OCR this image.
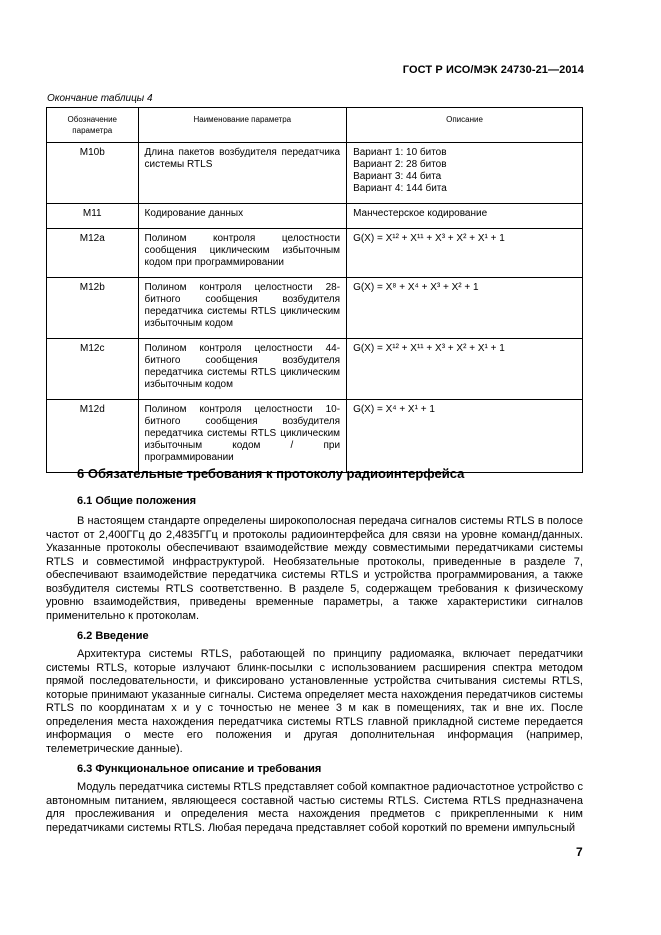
ГОСТ Р ИСО/МЭК 24730-21—2014
Окончание таблицы 4
Обозначение параметра	Наименование параметра	Описание
M10b	Длина пакетов возбудителя передатчика системы RTLS	Вариант 1: 10 битов
Вариант 2: 28 битов
Вариант 3: 44 бита
Вариант 4: 144 бита

M11	Кодирование данных	Манчестерское кодирование
M12a	Полином контроля целостности сообщения циклическим избыточным кодом при программировании	G(X) = X¹² + X¹¹ + X³ + X² + X¹ + 1
M12b	Полином контроля целостности 28-битного сообщения возбудителя передатчика системы RTLS циклическим избыточным кодом	G(X) = X⁸ + X⁴ + X³ + X² + 1
M12c	Полином контроля целостности 44-битного сообщения возбудителя передатчика системы RTLS циклическим избыточным кодом	G(X) = X¹² + X¹¹ + X³ + X² + X¹ + 1
M12d	Полином контроля целостности 10-битного сообщения возбудителя передатчика системы RTLS циклическим избыточным кодом / при программировании	G(X) = X⁴ + X¹ + 1
6 Обязательные требования к протоколу радиоинтерфейса
6.1 Общие положения

В настоящем стандарте определены широкополосная передача сигналов системы RTLS в полосе частот от 2,400ГГц до 2,4835ГГц и протоколы радиоинтерфейса для связи на уровне команд/данных. Указанные протоколы обеспечивают взаимодействие между совместимыми передатчиками системы RTLS и совместимой инфраструктурой. Необязательные протоколы, приведенные в разделе 7, обеспечивают взаимодействие передатчика системы RTLS и устройства программирования, а также возбудителя системы RTLS соответственно. В разделе 5, содержащем требования к физическому уровню взаимодействия, приведены временные параметры, а также характеристики сигналов применительно к протоколам.

6.2 Введение

Архитектура системы RTLS, работающей по принципу радиомаяка, включает передатчики системы RTLS, которые излучают блинк-посылки с использованием расширения спектра методом прямой последовательности, и фиксировано установленные устройства считывания системы RTLS, которые принимают указанные сигналы. Система определяет места нахождения передатчиков системы RTLS по координатам x и y с точностью не менее 3 м как в помещениях, так и вне их. После определения места нахождения передатчика системы RTLS главной прикладной системе передается информация о месте его положения и другая дополнительная информация (например, телеметрические данные).

6.3 Функциональное описание и требования

Модуль передатчика системы RTLS представляет собой компактное радиочастотное устройство с автономным питанием, являющееся составной частью системы RTLS. Система RTLS предназначена для прослеживания и определения места нахождения предметов с прикрепленными к ним передатчиками системы RTLS. Любая передача представляет собой короткий по времени импульсный

7
